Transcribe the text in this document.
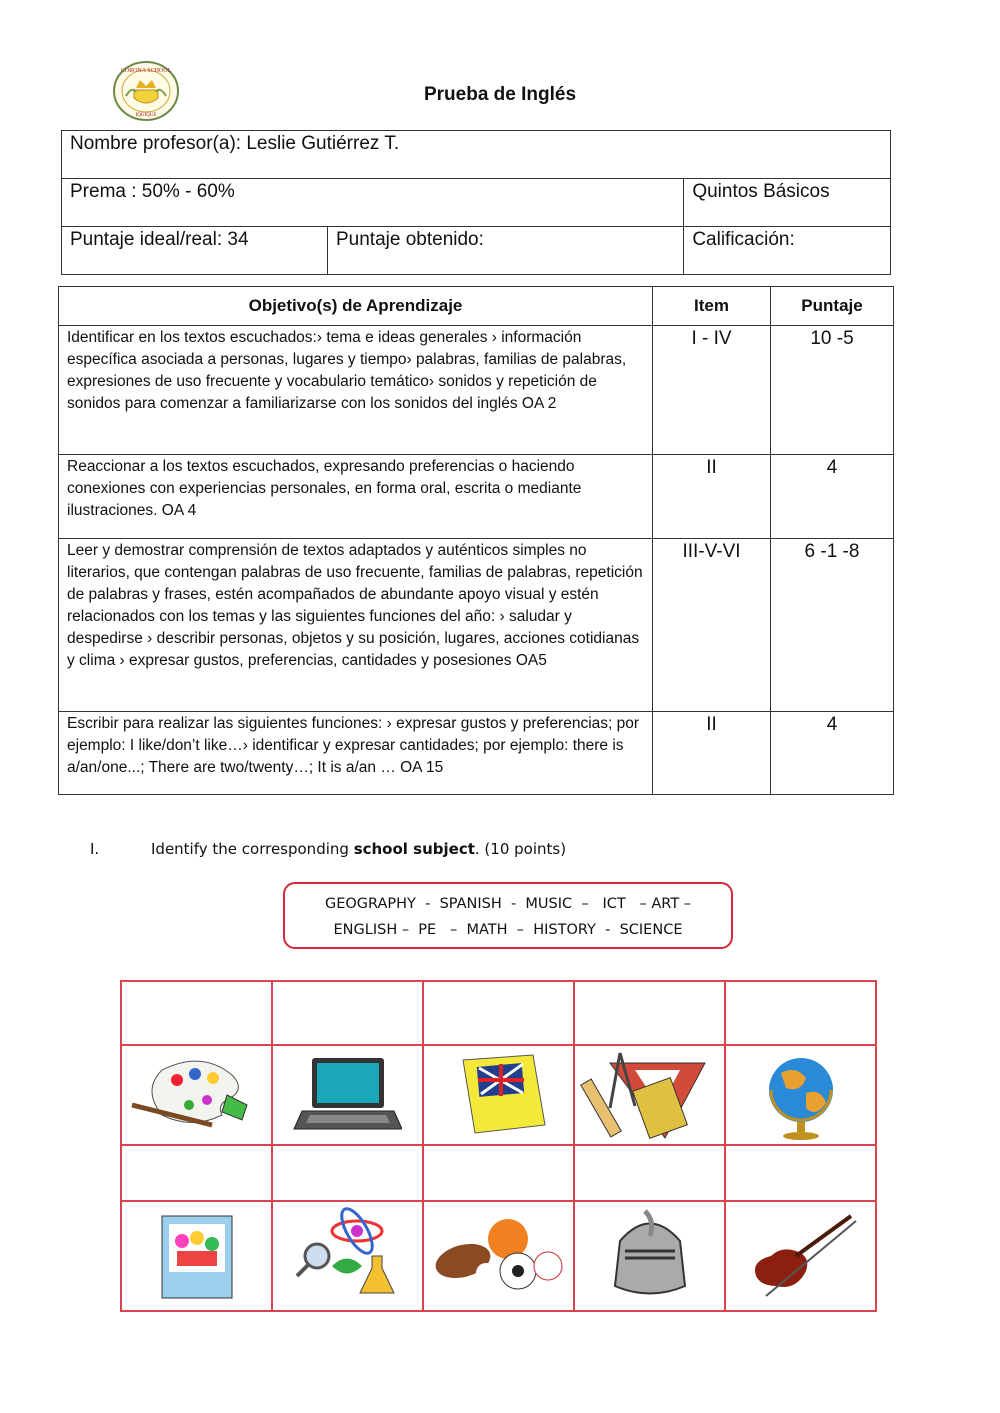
CORONA SCHOOL
IQUIQUE
Prueba de Inglés
Nombre profesor(a): Leslie Gutiérrez T.		
Prema : 50% - 60%		Quintos Básicos
Puntaje ideal/real: 34	Puntaje obtenido:	Calificación:
Objetivo(s) de Aprendizaje	Item	Puntaje
Identificar en los textos escuchados:› tema e ideas generales › información específica asociada a personas, lugares y tiempo› palabras, familias de palabras, expresiones de uso frecuente y vocabulario temático› sonidos y repetición de sonidos para comenzar a familiarizarse con los sonidos del inglés OA 2	I - IV	10 -5
Reaccionar a los textos escuchados, expresando preferencias o haciendo conexiones con experiencias personales, en forma oral, escrita o mediante ilustraciones. OA 4	II	4
Leer y demostrar comprensión de textos adaptados y auténticos simples no literarios, que contengan palabras de uso frecuente, familias de palabras, repetición de palabras y frases, estén acompañados de abundante apoyo visual y estén relacionados con los temas y las siguientes funciones del año: › saludar y despedirse › describir personas, objetos y su posición, lugares, acciones cotidianas y clima › expresar gustos, preferencias, cantidades y posesiones OA5	III-V-VI	6 -1 -8
Escribir para realizar las siguientes funciones: › expresar gustos y preferencias; por ejemplo: I like/don’t like…› identificar y expresar cantidades; por ejemplo: there is a/an/one...; There are two/twenty…; It is a/an … OA 15	II	4
I.	Identify the corresponding school subject. (10 points)
GEOGRAPHY  -  SPANISH  -  MUSIC  –   ICT   – ART –
ENGLISH –  PE   –  MATH  –  HISTORY  -  SCIENCE
